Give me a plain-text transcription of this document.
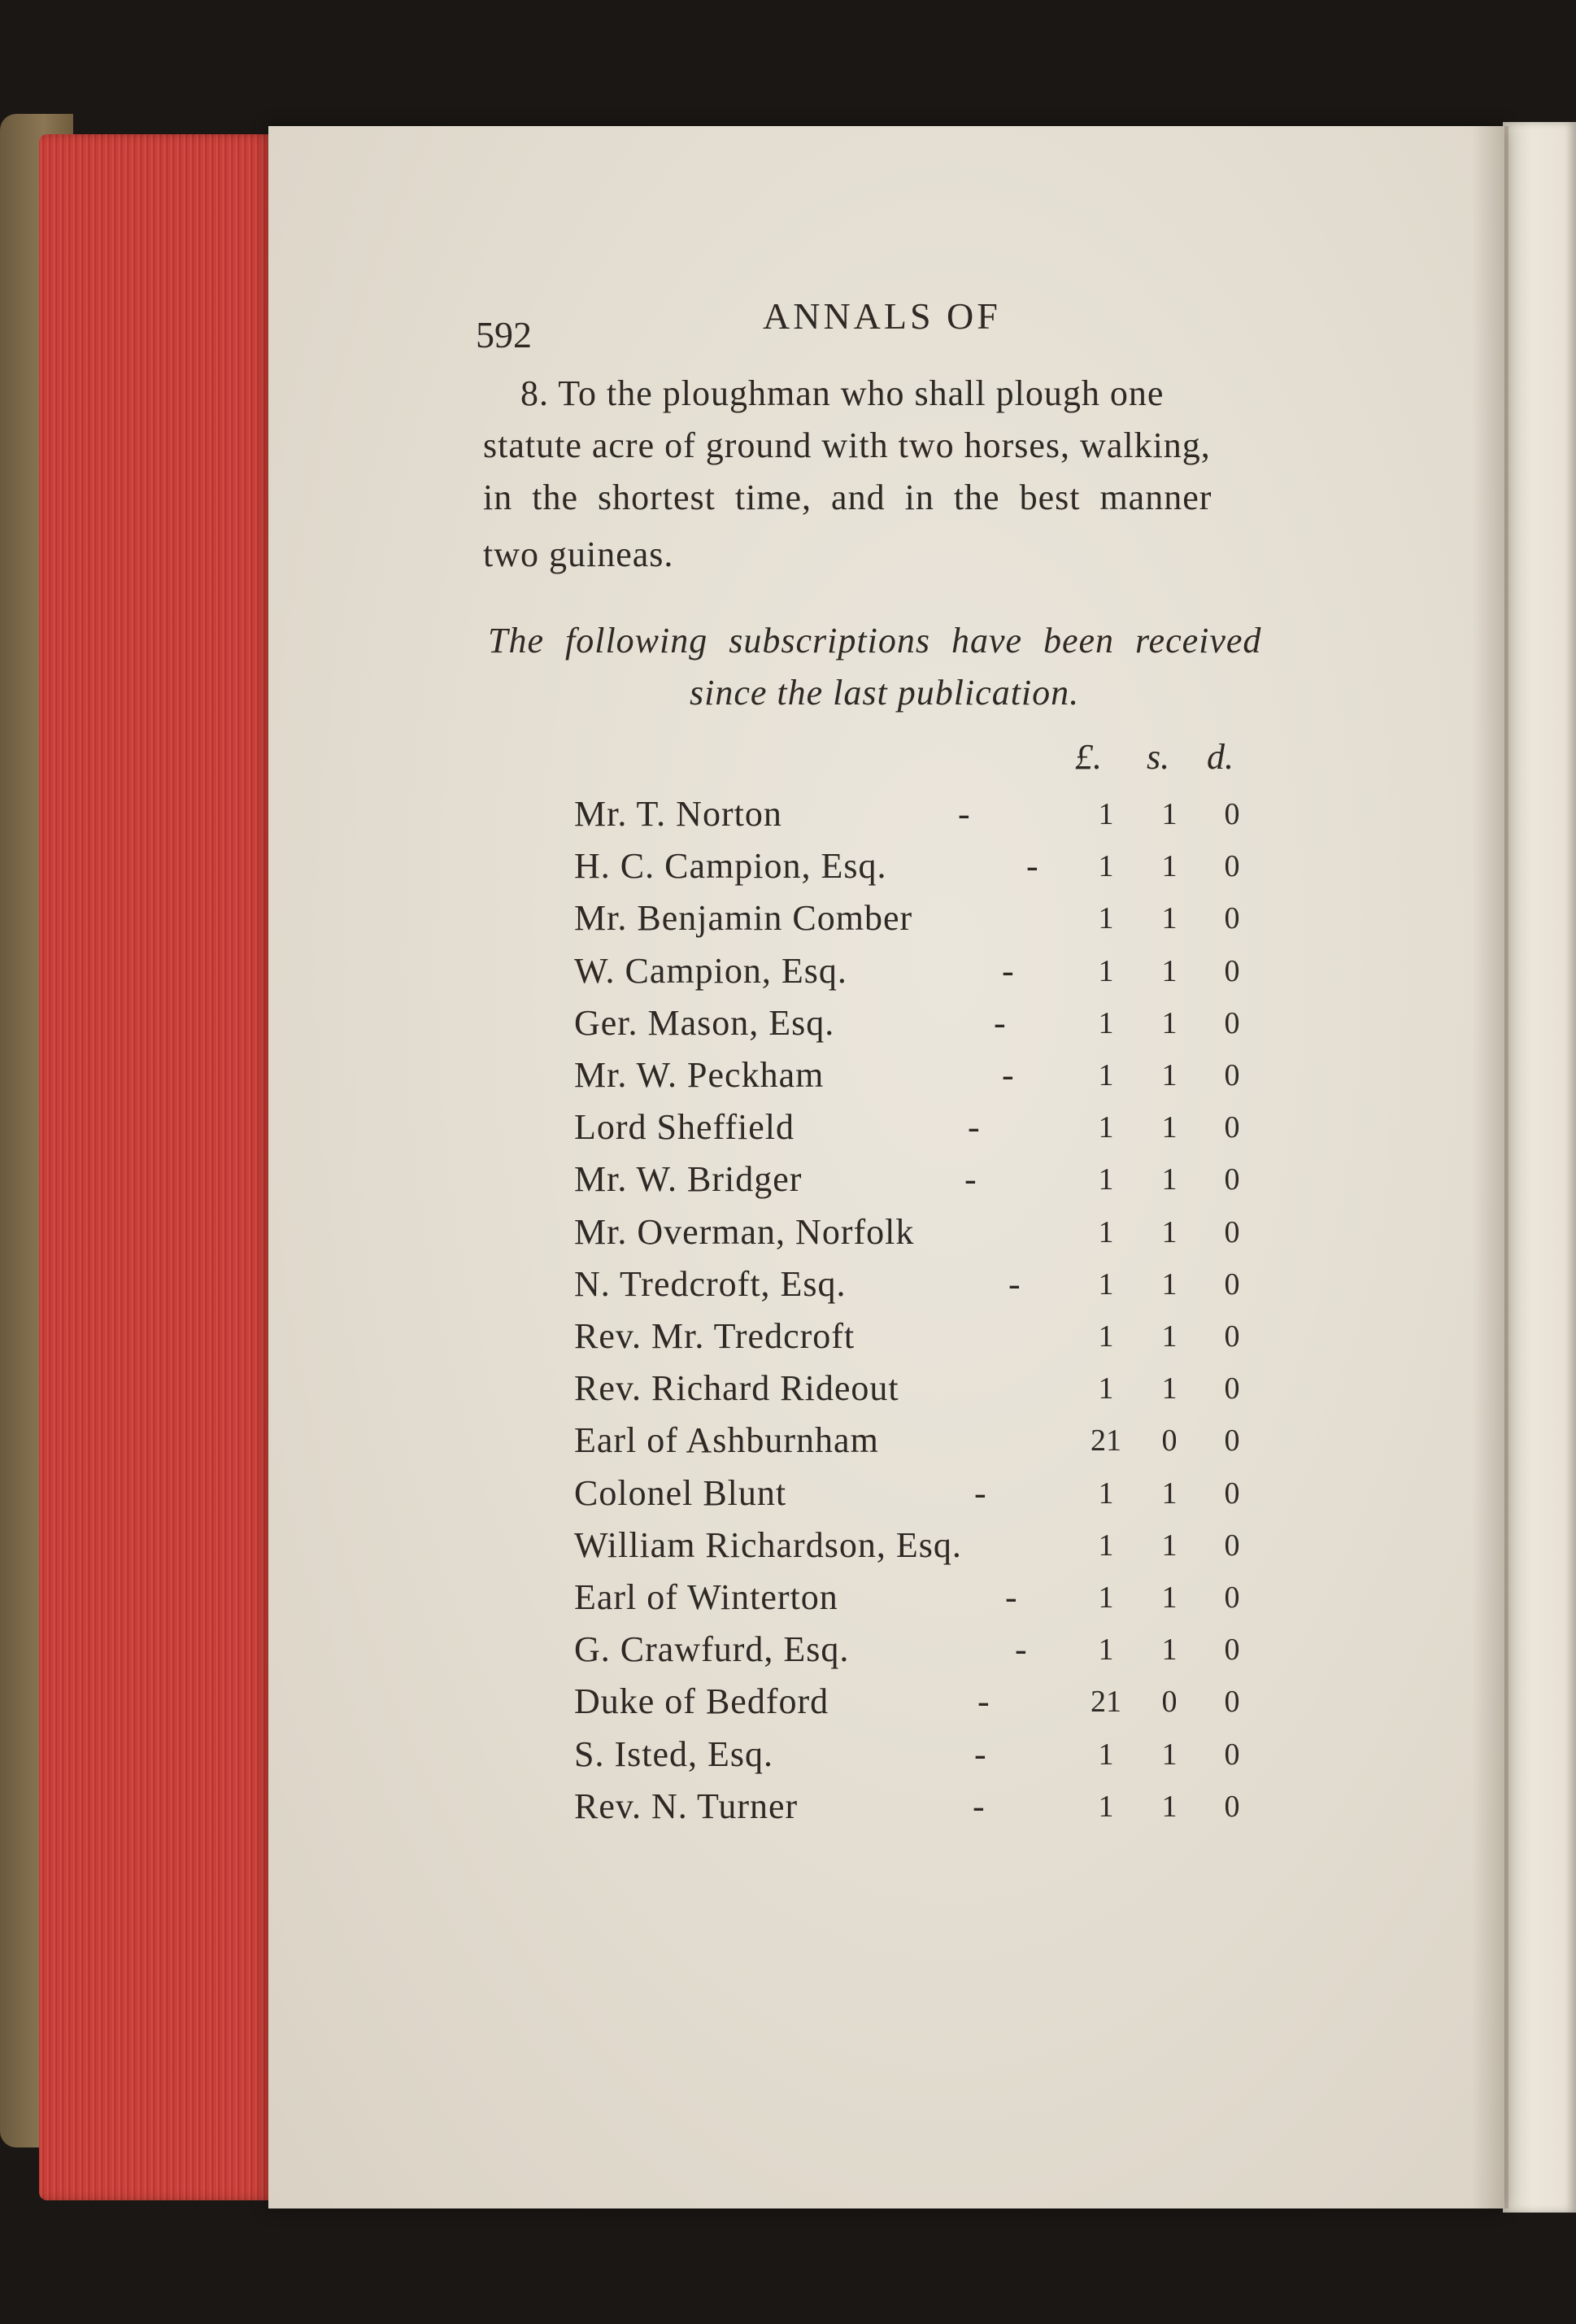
592	ANNALS OF
8. To the ploughman who shall plough one
statute acre of ground with two horses, walking,
in the shortest time, and in the best manner
two guineas.
The following subscriptions have been received
since the last publication.
£. s. d.
Mr. T. Norton	-	1	1	0
H. C. Campion, Esq.	-	1	1	0
Mr. Benjamin Comber	1	1	0
W. Campion, Esq.	-	1	1	0
Ger. Mason, Esq.	-	1	1	0
Mr. W. Peckham	-	1	1	0
Lord Sheffield	-	1	1	0
Mr. W. Bridger	-	1	1	0
Mr. Overman, Norfolk	1	1	0
N. Tredcroft, Esq.	-	1	1	0
Rev. Mr. Tredcroft	1	1	0
Rev. Richard Rideout	1	1	0
Earl of Ashburnham	21	0	0
Colonel Blunt	-	1	1	0
William Richardson, Esq.	1	1	0
Earl of Winterton	-	1	1	0
G. Crawfurd, Esq.	-	1	1	0
Duke of Bedford	-	21	0	0
S. Isted, Esq.	-	1	1	0
Rev. N. Turner	-	1	1	0
